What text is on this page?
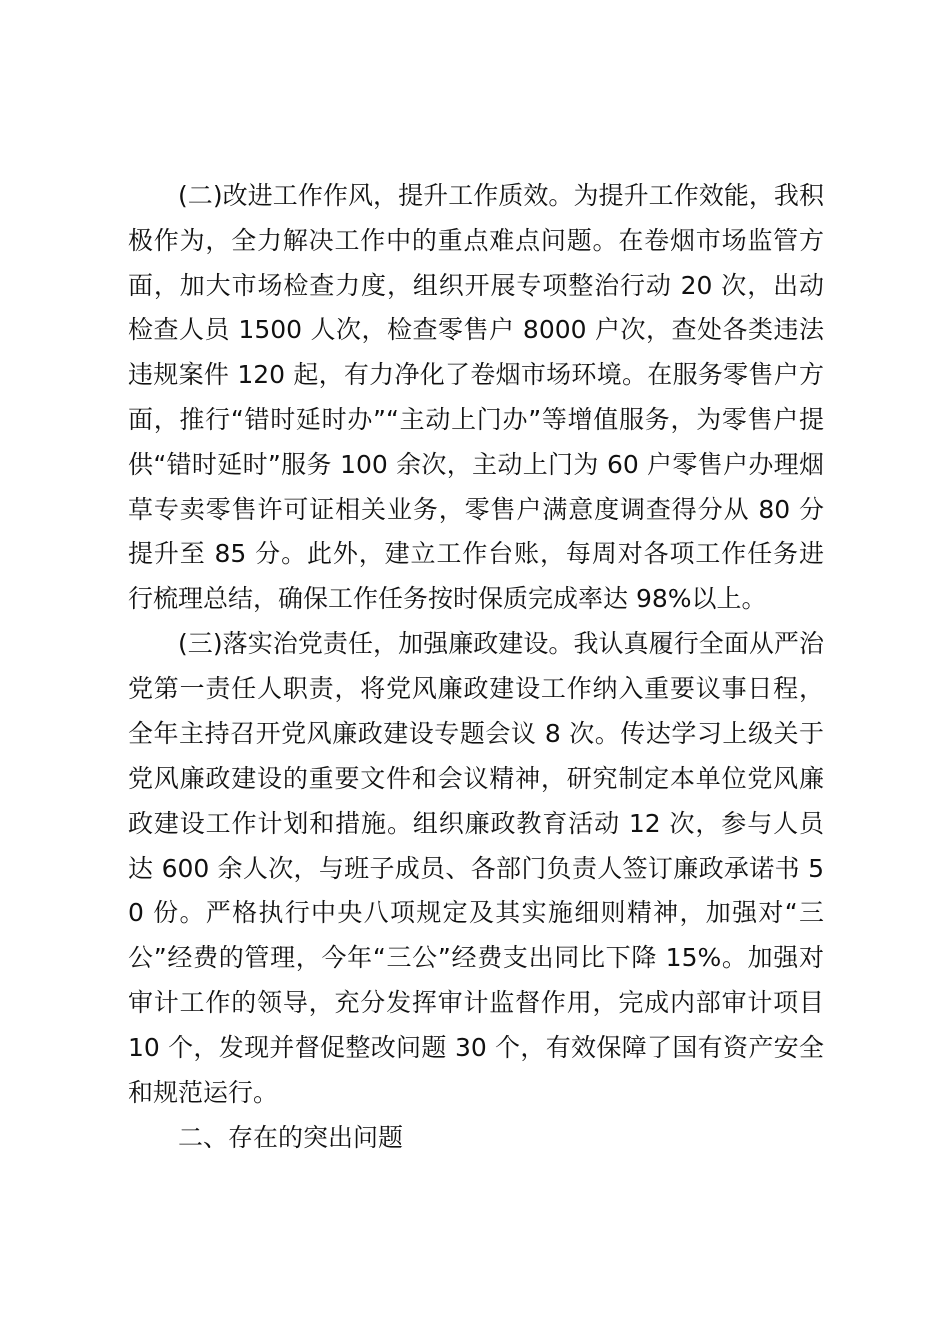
(二)改进工作作风，提升工作质效。为提升工作效能，我积极作为，全力解决工作中的重点难点问题。在卷烟市场监管方面，加大市场检查力度，组织开展专项整治行动 20 次，出动检查人员 1500 人次，检查零售户 8000 户次，查处各类违法违规案件 120 起，有力净化了卷烟市场环境。在服务零售户方面，推行“错时延时办”“主动上门办”等增值服务，为零售户提供“错时延时”服务 100 余次，主动上门为 60 户零售户办理烟草专卖零售许可证相关业务，零售户满意度调查得分从 80 分提升至 85 分。此外，建立工作台账，每周对各项工作任务进行梳理总结，确保工作任务按时保质完成率达 98%以上。

(三)落实治党责任，加强廉政建设。我认真履行全面从严治党第一责任人职责，将党风廉政建设工作纳入重要议事日程，全年主持召开党风廉政建设专题会议 8 次。传达学习上级关于党风廉政建设的重要文件和会议精神，研究制定本单位党风廉政建设工作计划和措施。组织廉政教育活动 12 次，参与人员达 600 余人次，与班子成员、各部门负责人签订廉政承诺书 50 份。严格执行中央八项规定及其实施细则精神，加强对“三公”经费的管理，今年“三公”经费支出同比下降 15%。加强对审计工作的领导，充分发挥审计监督作用，完成内部审计项目 10 个，发现并督促整改问题 30 个，有效保障了国有资产安全和规范运行。

二、存在的突出问题
